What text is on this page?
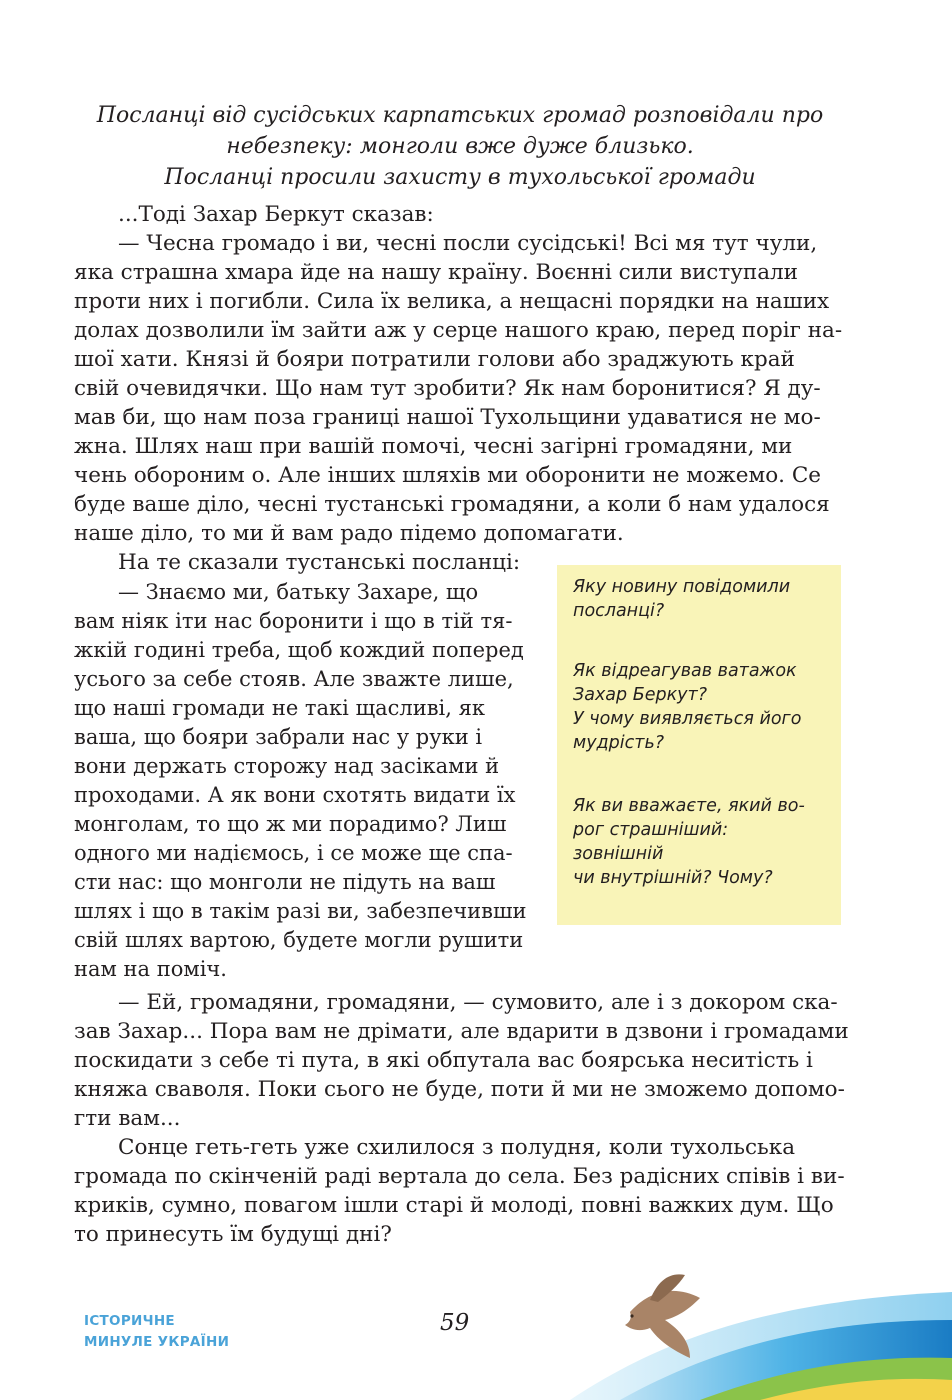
Посланці від сусідських карпатських громад розповідали про
небезпеку: монголи вже дуже близько.
Посланці просили захисту в тухольської громади
...Тоді Захар Беркут сказав:
— Чесна громадо і ви, чесні посли сусідські! Всі мя тут чули,
яка страшна хмара йде на нашу країну. Воєнні сили виступали
проти них і погибли. Сила їх велика, а нещасні порядки на наших
долах дозволили їм зайти аж у серце нашого краю, перед поріг на-
шої хати. Князі й бояри потратили голови або зраджують край
свій очевидячки. Що нам тут зробити? Як нам боронитися? Я ду-
мав би, що нам поза границі нашої Тухольщини удаватися не мо-
жна. Шлях наш при вашій помочі, чесні загірні громадяни, ми
чень обороним о. Але інших шляхів ми оборонити не можемо. Се
буде ваше діло, чесні тустанські громадяни, а коли б нам удалося
наше діло, то ми й вам радо підемо допомагати.
На те сказали тустанські посланці:
— Знаємо ми, батьку Захаре, що
вам ніяк іти нас боронити і що в тій тя-
жкій годині треба, щоб кождий поперед
усього за себе стояв. Але зважте лише,
що наші громади не такі щасливі, як
ваша, що бояри забрали нас у руки і
вони держать сторожу над засіками й
проходами. А як вони схотять видати їх
монголам, то що ж ми порадимо? Лиш
одного ми надіємось, і се може ще спа-
сти нас: що монголи не підуть на ваш
шлях і що в такім разі ви, забезпечивши
свій шлях вартою, будете могли рушити
нам на поміч.
— Ей, громадяни, громадяни, — сумовито, але і з докором ска-
зав Захар... Пора вам не дрімати, але вдарити в дзвони і громадами
поскидати з себе ті пута, в які обпутала вас боярська неситість і
княжа сваволя. Поки сього не буде, поти й ми не зможемо допомо-
гти вам...
Сонце геть-геть уже схилилося з полудня, коли тухольська
громада по скінченій раді вертала до села. Без радісних співів і ви-
криків, сумно, повагом ішли старі й молоді, повні важких дум. Що
то принесуть їм будущі дні?
Яку новину повідомили
посланці?
Як відреагував ватажок
Захар Беркут?
У чому виявляється його
мудрість?
Як ви вважаєте, який во-
рог страшніший:
зовнішній
чи внутрішній? Чому?
ІСТОРИЧНЕ
МИНУЛЕ УКРАЇНИ
59
